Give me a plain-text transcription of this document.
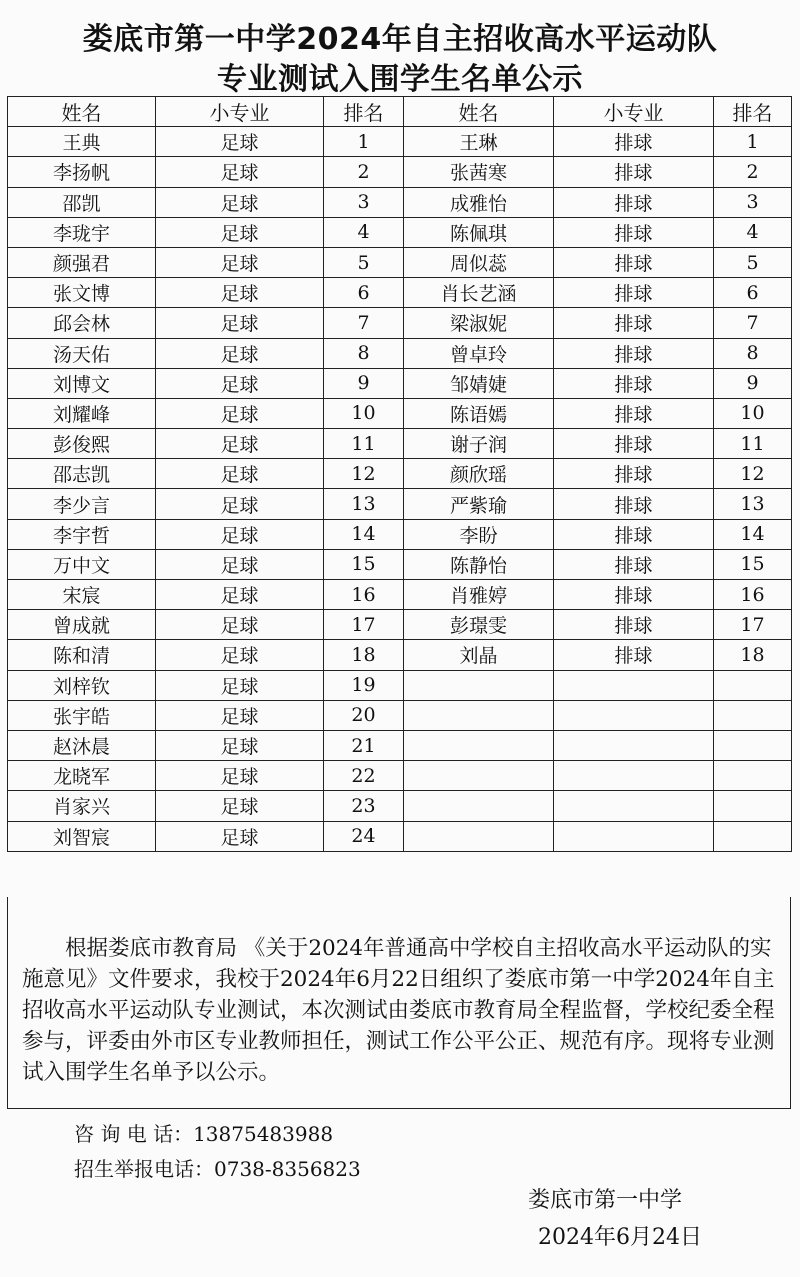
娄底市第一中学2024年自主招收高水平运动队
专业测试入围学生名单公示
姓名	小专业	排名	姓名	小专业	排名
王典	足球	1	王琳	排球	1
李扬帆	足球	2	张茜寒	排球	2
邵凯	足球	3	成雅怡	排球	3
李珑宇	足球	4	陈佩琪	排球	4
颜强君	足球	5	周似蕊	排球	5
张文博	足球	6	肖长艺涵	排球	6
邱会林	足球	7	梁淑妮	排球	7
汤天佑	足球	8	曾卓玲	排球	8
刘博文	足球	9	邹婧婕	排球	9
刘耀峰	足球	10	陈语嫣	排球	10
彭俊熙	足球	11	谢子润	排球	11
邵志凯	足球	12	颜欣瑶	排球	12
李少言	足球	13	严紫瑜	排球	13
李宇哲	足球	14	李盼	排球	14
万中文	足球	15	陈静怡	排球	15
宋宸	足球	16	肖雅婷	排球	16
曾成就	足球	17	彭璟雯	排球	17
陈和清	足球	18	刘晶	排球	18
刘梓钦	足球	19			
张宇皓	足球	20			
赵沐晨	足球	21			
龙晓军	足球	22			
肖家兴	足球	23			
刘智宸	足球	24			
根据娄底市教育局 《关于2024年普通高中学校自主招收高水平运动队的实施意见》文件要求，我校于2024年6月22日组织了娄底市第一中学2024年自主招收高水平运动队专业测试，本次测试由娄底市教育局全程监督，学校纪委全程参与，评委由外市区专业教师担任，测试工作公平公正、规范有序。现将专业测试入围学生名单予以公示。
咨 询 电 话：13875483988
招生举报电话：0738-8356823
娄底市第一中学
2024年6月24日
